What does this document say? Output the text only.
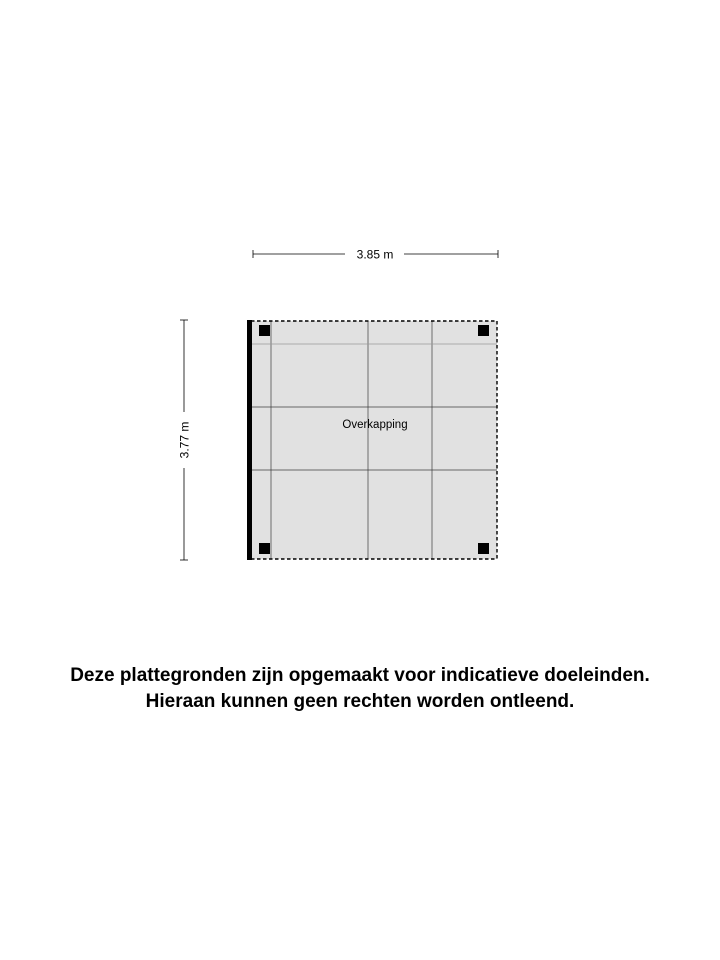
3.85 m
3.77 m	Overkapping

Deze plattegronden zijn opgemaakt voor indicatieve doeleinden.

Hieraan kunnen geen rechten worden ontleend.
